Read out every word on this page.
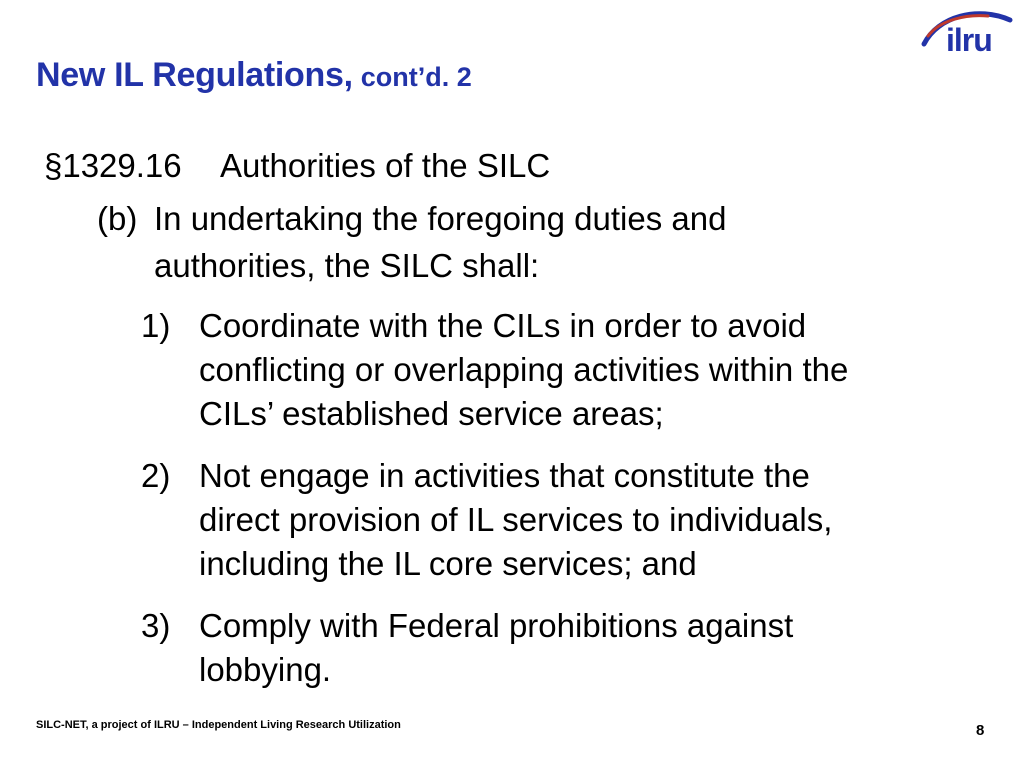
New IL Regulations, cont’d. 2
ilru
§1329.16 Authorities of the SILC
(b) In undertaking the foregoing duties and
authorities, the SILC shall:
1) Coordinate with the CILs in order to avoid
conflicting or overlapping activities within the
CILs’ established service areas;
2) Not engage in activities that constitute the
direct provision of IL services to individuals,
including the IL core services; and
3) Comply with Federal prohibitions against
lobbying.
SILC-NET, a project of ILRU – Independent Living Research Utilization	8
